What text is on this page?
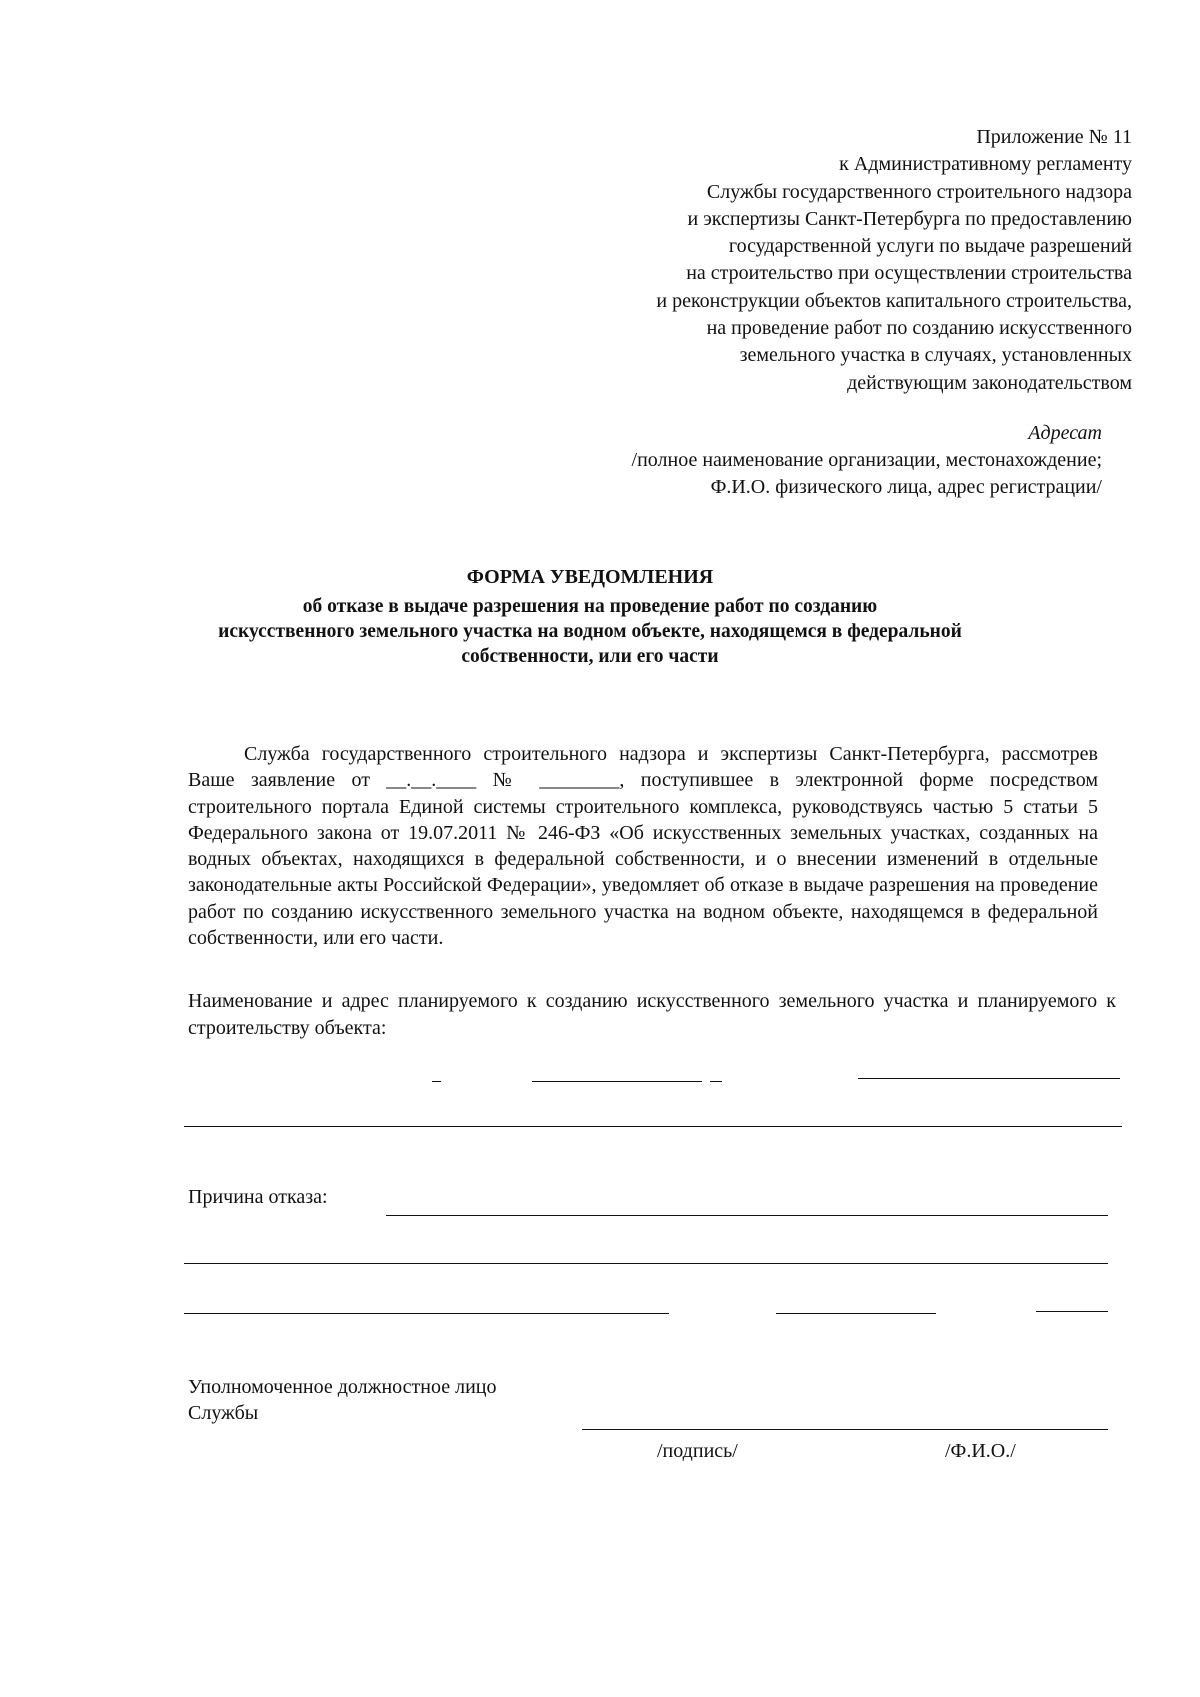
Приложение № 11
к Административному регламенту
Службы государственного строительного надзора
и экспертизы Санкт-Петербурга по предоставлению
государственной услуги по выдаче разрешений
на строительство при осуществлении строительства
и реконструкции объектов капитального строительства,
на проведение работ по созданию искусственного
земельного участка в случаях, установленных
действующим законодательством
Адресат
/полное наименование организации, местонахождение;
Ф.И.О. физического лица, адрес регистрации/
ФОРМА УВЕДОМЛЕНИЯ
об отказе в выдаче разрешения на проведение работ по созданию
искусственного земельного участка на водном объекте, находящемся в федеральной
собственности, или его части
Служба государственного строительного надзора и экспертизы Санкт-Петербурга, рассмотрев Ваше заявление от __.__.____ № ________, поступившее в электронной форме посредством строительного портала Единой системы строительного комплекса, руководствуясь частью 5 статьи 5 Федерального закона от 19.07.2011 № 246-ФЗ «Об искусственных земельных участках, созданных на водных объектах, находящихся в федеральной собственности, и о внесении изменений в отдельные законодательные акты Российской Федерации», уведомляет об отказе в выдаче разрешения на проведение работ по созданию искусственного земельного участка на водном объекте, находящемся в федеральной собственности, или его части.
Наименование и адрес планируемого к созданию искусственного земельного участка и планируемого к строительству объекта:
Причина отказа:
Уполномоченное должностное лицо
Службы
/подпись/	/Ф.И.О./
